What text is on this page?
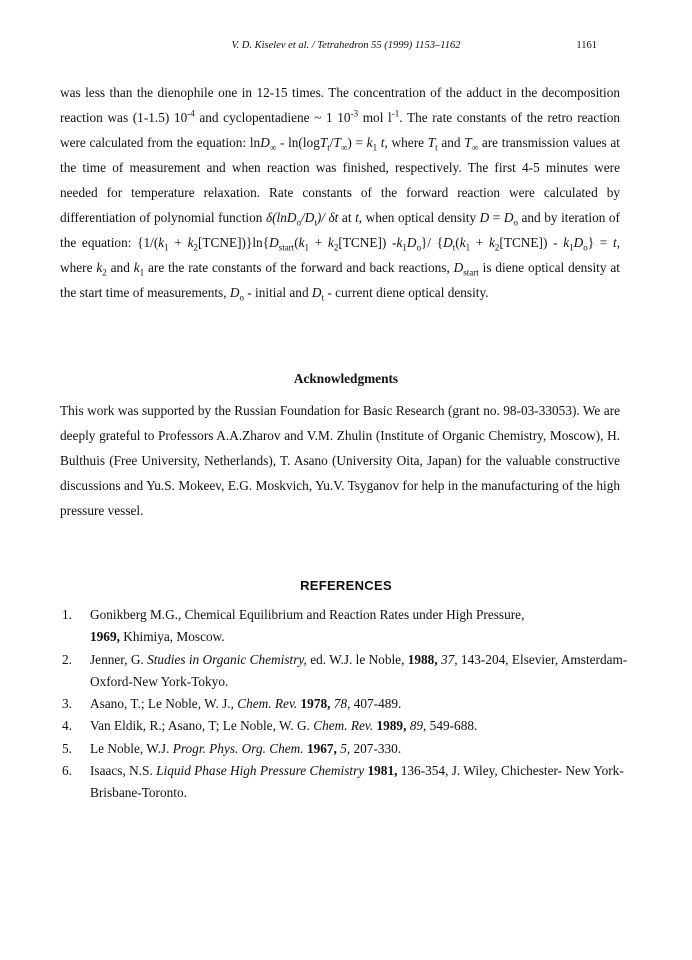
V. D. Kiselev et al. / Tetrahedron 55 (1999) 1153–1162	1161
was less than the dienophile one in 12-15 times. The concentration of the adduct in the decomposition reaction was (1-1.5) $10^{-4}$ and cyclopentadiene ~ 1 $10^{-3}$ mol $l^{-1}$. The rate constants of the retro reaction were calculated from the equation: $\ln D_\infty - \ln(\log T_t/T_\infty) = k_1$ t, where $T_t$ and $T_\infty$ are transmission values at the time of measurement and when reaction was finished, respectively. The first 4-5 minutes were needed for temperature relaxation. Rate constants of the forward reaction were calculated by differentiation of polynomial function $\delta(\ln D_o/D_t)/$ δt at t, when optical density $D = D_o$ and by iteration of the equation: {$1/(k_1$ + $k_2[TCNE])\}\ln\{D_{start}(k_1$ + $k_2[TCNE]$) $-k_1D_o\}/$ {$D_t(k_1$ + $k_2[TCNE]) - k_1D_o\} = t$, where $k_2$ and $k_1$ are the rate constants of the forward and back reactions, $D_{start}$ is diene optical density at the start time of measurements, $D_o$ - initial and $D_t$ - current diene optical density.
Acknowledgments
This work was supported by the Russian Foundation for Basic Research (grant no. 98-03-33053). We are deeply grateful to Professors A.A.Zharov and V.M. Zhulin (Institute of Organic Chemistry, Moscow), H. Bulthuis (Free University, Netherlands), T. Asano (University Oita, Japan) for the valuable constructive discussions and Yu.S. Mokeev, E.G. Moskvich, Yu.V. Tsyganov for help in the manufacturing of the high pressure vessel.
REFERENCES
1. Gonikberg M.G., Chemical Equilibrium and Reaction Rates under High Pressure,
1969, Khimiya, Moscow.
2. Jenner, G. Studies in Organic Chemistry, ed. W.J. le Noble, 1988, 37, 143-204, Elsevier, Amsterdam-Oxford-New York-Tokyo.
3. Asano, T.; Le Noble, W. J., Chem. Rev. 1978, 78, 407-489.
4. Van Eldik, R.; Asano, T; Le Noble, W. G. Chem. Rev. 1989, 89, 549-688.
5. Le Noble, W.J. Progr. Phys. Org. Chem. 1967, 5, 207-330.
6. Isaacs, N.S. Liquid Phase High Pressure Chemistry 1981, 136-354, J. Wiley, Chichester- New York- Brisbane-Toronto.
